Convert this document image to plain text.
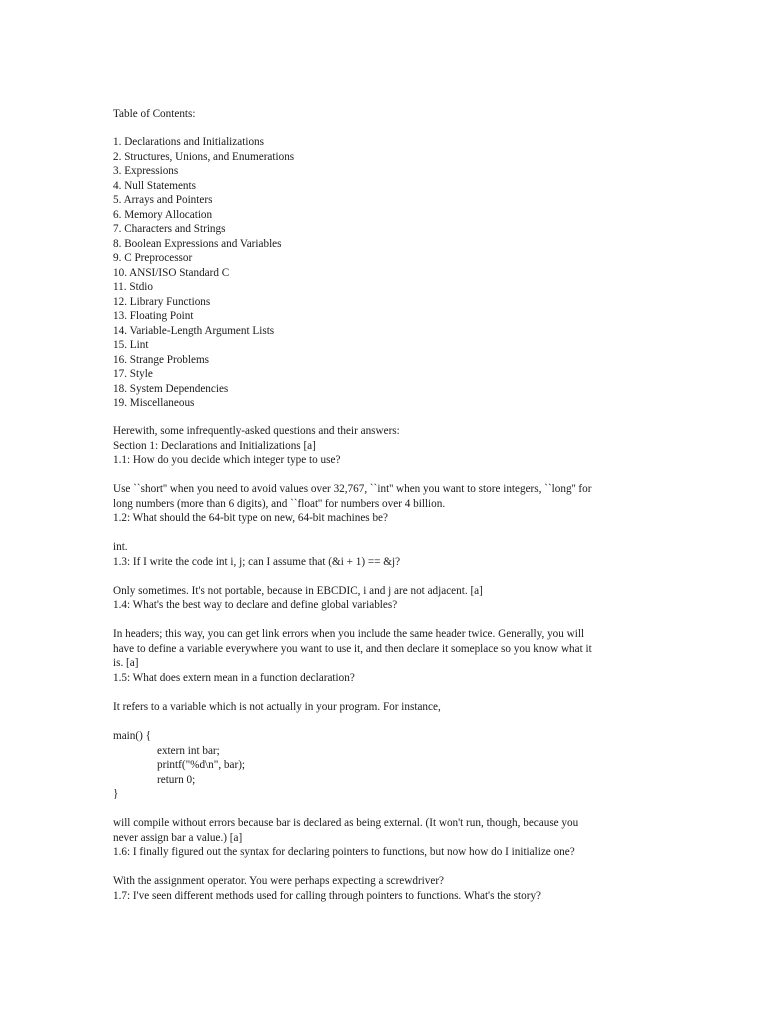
Table of Contents:
1. Declarations and Initializations
2. Structures, Unions, and Enumerations
3. Expressions
4. Null Statements
5. Arrays and Pointers
6. Memory Allocation
7. Characters and Strings
8. Boolean Expressions and Variables
9. C Preprocessor
10. ANSI/ISO Standard C
11. Stdio
12. Library Functions
13. Floating Point
14. Variable-Length Argument Lists
15. Lint
16. Strange Problems
17. Style
18. System Dependencies
19. Miscellaneous
Herewith, some infrequently-asked questions and their answers:
Section 1: Declarations and Initializations [a]
1.1: How do you decide which integer type to use?
Use ``short'' when you need to avoid values over 32,767, ``int'' when you want to store integers, ``long'' for
long numbers (more than 6 digits), and ``float'' for numbers over 4 billion.
1.2: What should the 64-bit type on new, 64-bit machines be?
int.
1.3: If I write the code int i, j; can I assume that (&i + 1) == &j?
Only sometimes. It's not portable, because in EBCDIC, i and j are not adjacent. [a]
1.4: What's the best way to declare and define global variables?
In headers; this way, you can get link errors when you include the same header twice. Generally, you will
have to define a variable everywhere you want to use it, and then declare it someplace so you know what it
is. [a]
1.5: What does extern mean in a function declaration?
It refers to a variable which is not actually in your program. For instance,
main() {
extern int bar;
printf("%d\n", bar);
return 0;
}
will compile without errors because bar is declared as being external. (It won't run, though, because you
never assign bar a value.) [a]
1.6: I finally figured out the syntax for declaring pointers to functions, but now how do I initialize one?
With the assignment operator. You were perhaps expecting a screwdriver?
1.7: I've seen different methods used for calling through pointers to functions. What's the story?
